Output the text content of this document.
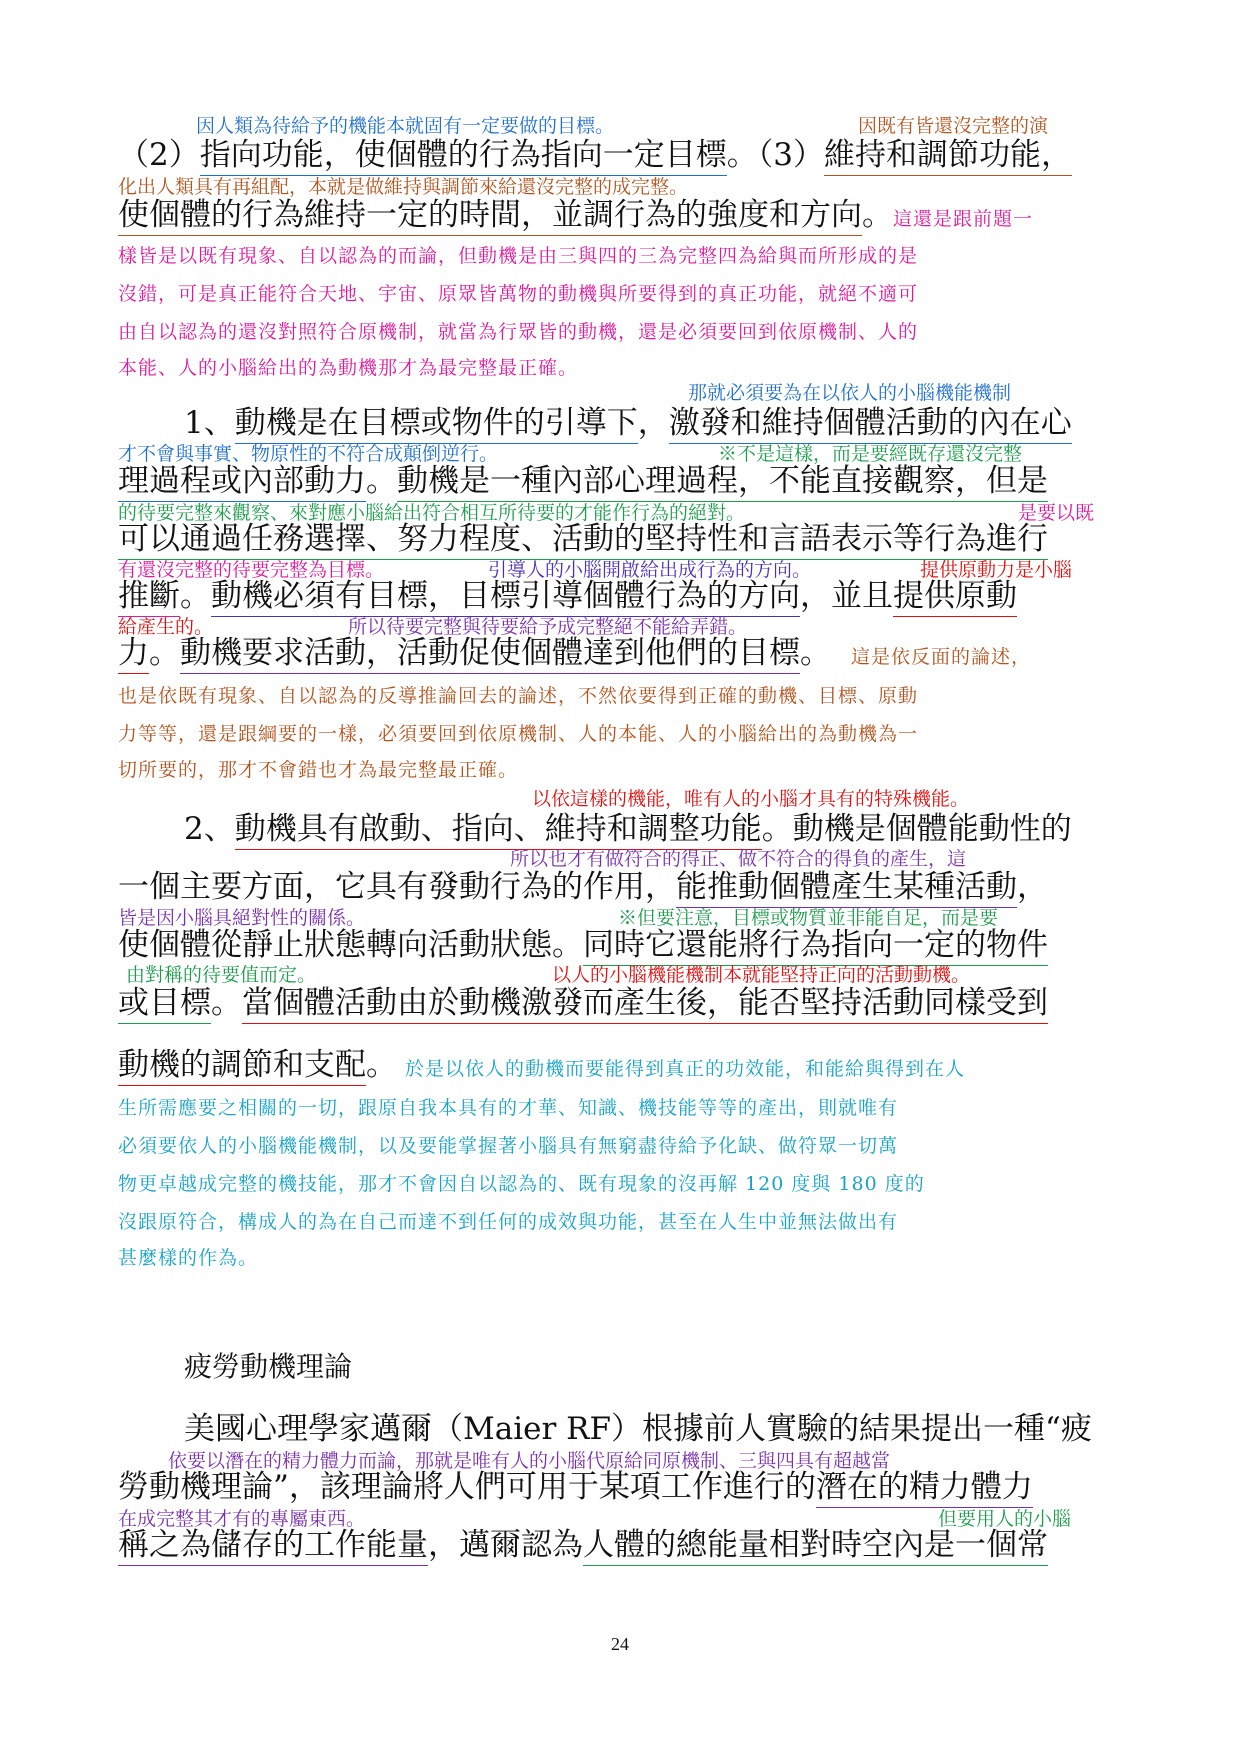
因人類為待給予的機能本就固有一定要做的目標。	因既有皆還沒完整的演
（2）指向功能，使個體的行為指向一定目標。（3）維持和調節功能，
化出人類具有再組配，本就是做維持與調節來給還沒完整的成完整。
使個體的行為維持一定的時間，並調行為的強度和方向。這還是跟前題一
樣皆是以既有現象、自以認為的而論，但動機是由三與四的三為完整四為給與而所形成的是
沒錯，可是真正能符合天地、宇宙、原眾皆萬物的動機與所要得到的真正功能，就絕不適可
由自以認為的還沒對照符合原機制，就當為行眾皆的動機，還是必須要回到依原機制、人的
本能、人的小腦給出的為動機那才為最完整最正確。
那就必須要為在以依人的小腦機能機制
1、動機是在目標或物件的引導下，激發和維持個體活動的內在心
才不會與事實、物原性的不符合成顛倒逆行。	※不是這樣，而是要經既存還沒完整
理過程或內部動力。動機是一種內部心理過程，不能直接觀察，但是
的待要完整來觀察、來對應小腦給出符合相互所待要的才能作行為的絕對。	是要以既
可以通過任務選擇、努力程度、活動的堅持性和言語表示等行為進行
有還沒完整的待要完整為目標。	引導人的小腦開啟給出成行為的方向。	提供原動力是小腦
推斷。動機必須有目標，目標引導個體行為的方向，並且提供原動
給產生的。	所以待要完整與待要給予成完整絕不能給弄錯。
力。動機要求活動，活動促使個體達到他們的目標。 這是依反面的論述，
也是依既有現象、自以認為的反導推論回去的論述，不然依要得到正確的動機、目標、原動
力等等，還是跟綱要的一樣，必須要回到依原機制、人的本能、人的小腦給出的為動機為一
切所要的，那才不會錯也才為最完整最正確。
以依這樣的機能，唯有人的小腦才具有的特殊機能。
2、動機具有啟動、指向、維持和調整功能。動機是個體能動性的
所以也才有做符合的得正、做不符合的得負的產生，這
一個主要方面，它具有發動行為的作用，能推動個體產生某種活動，
皆是因小腦具絕對性的關係。	※但要注意，目標或物質並非能自足，而是要
使個體從靜止狀態轉向活動狀態。同時它還能將行為指向一定的物件
由對稱的待要值而定。	以人的小腦機能機制本就能堅持正向的活動動機。
或目標。當個體活動由於動機激發而產生後，能否堅持活動同樣受到
動機的調節和支配。 於是以依人的動機而要能得到真正的功效能，和能給與得到在人
生所需應要之相關的一切，跟原自我本具有的才華、知識、機技能等等的產出，則就唯有
必須要依人的小腦機能機制，以及要能掌握著小腦具有無窮盡待給予化缺、做符眾一切萬
物更卓越成完整的機技能，那才不會因自以認為的、既有現象的沒再解 120 度與 180 度的
沒跟原符合，構成人的為在自己而達不到任何的成效與功能，甚至在人生中並無法做出有
甚麼樣的作為。
疲勞動機理論
美國心理學家邁爾（Maier RF）根據前人實驗的結果提出一種“疲
依要以潛在的精力體力而論，那就是唯有人的小腦代原給同原機制、三與四具有超越當
勞動機理論”，該理論將人們可用于某項工作進行的潛在的精力體力
在成完整其才有的專屬東西。	但要用人的小腦
稱之為儲存的工作能量，邁爾認為人體的總能量相對時空內是一個常
24
